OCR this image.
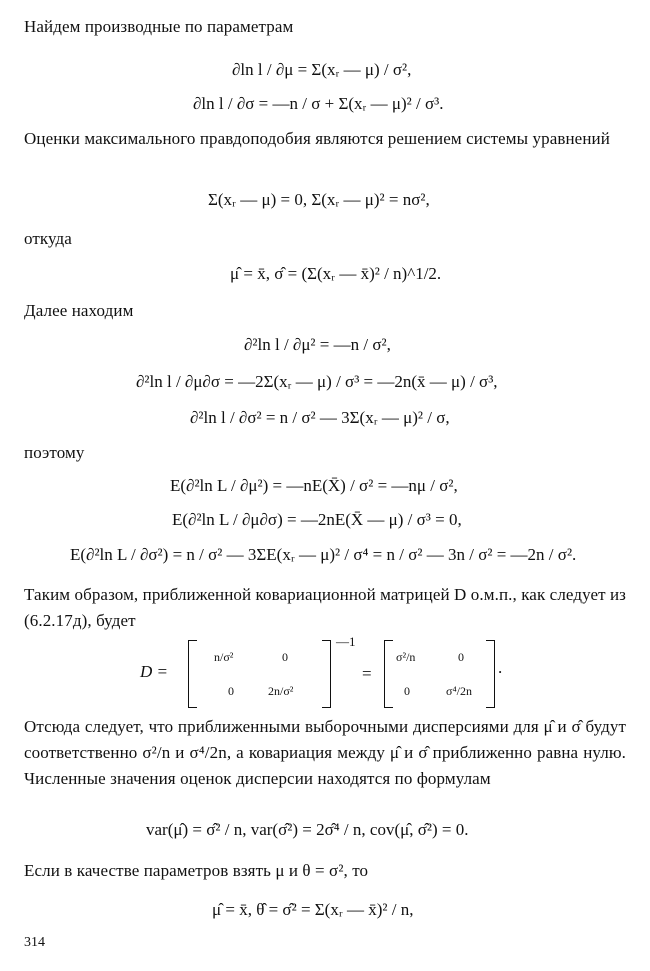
Найдем производные по параметрам
∂ln l / ∂μ = Σ(xᵣ — μ) / σ²,
∂ln l / ∂σ = —n / σ + Σ(xᵣ — μ)² / σ³.
Оценки максимального правдоподобия являются решением системы уравнений
Σ(xᵣ — μ) = 0, Σ(xᵣ — μ)² = nσ²,
откуда
μ̂ = x̄, σ̂ = (Σ(xᵣ — x̄)² / n)^1/2.
Далее находим
∂²ln l / ∂μ² = —n / σ²,
∂²ln l / ∂μ∂σ = —2Σ(xᵣ — μ) / σ³ = —2n(x̄ — μ) / σ³,
∂²ln l / ∂σ² = n / σ² — 3Σ(xᵣ — μ)² / σ,
поэтому
E(∂²ln L / ∂μ²) = —nE(X̄) / σ² = —nμ / σ²,
E(∂²ln L / ∂μ∂σ) = —2nE(X̄ — μ) / σ³ = 0,
E(∂²ln L / ∂σ²) = n / σ² — 3ΣE(xᵣ — μ)² / σ⁴ = n / σ² — 3n / σ² = —2n / σ².
Таким образом, приближенной ковариационной матрицей D о.м.п., как следует из (6.2.17д), будет
D =
n/σ²	0
0	2n/σ²
—1
=
σ²/n	0
0	σ⁴/2n
.
Отсюда следует, что приближенными выборочными дисперсиями для μ̂ и σ̂ будут соответственно σ²/n и σ⁴/2n, а ковариация между μ̂ и σ̂ приближенно равна нулю. Численные значения оценок дисперсии находятся по формулам
var(μ̂) = σ̂² / n, var(σ̂²) = 2σ̂⁴ / n, cov(μ̂, σ̂²) = 0.
Если в качестве параметров взять μ и θ = σ², то
μ̂ = x̄, θ̂ = σ̂² = Σ(xᵣ — x̄)² / n,
314
